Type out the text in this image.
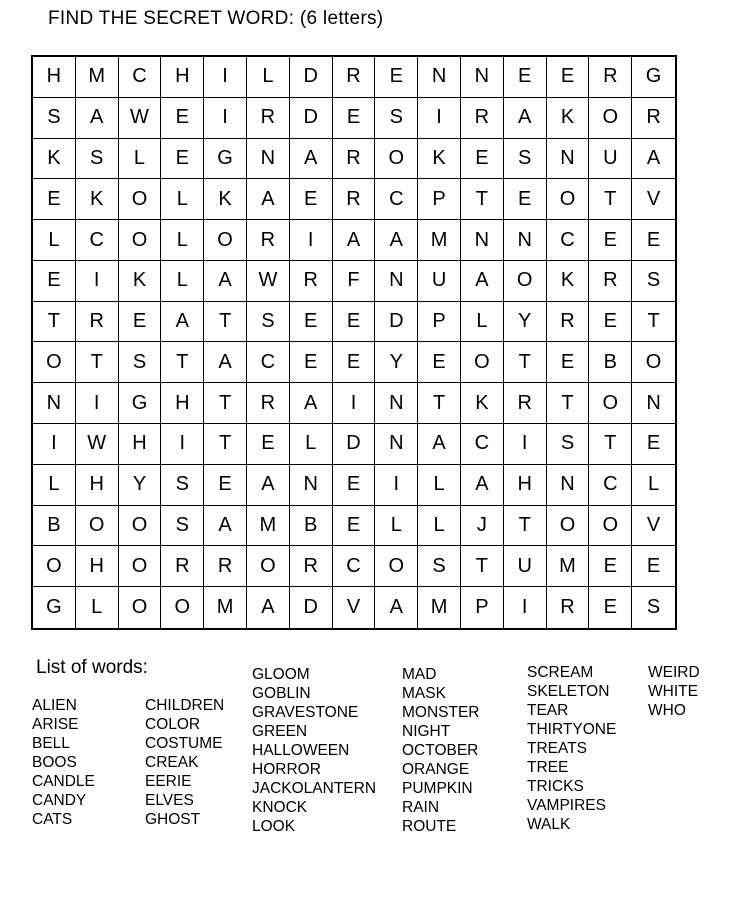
FIND THE SECRET WORD: (6 letters)
H	M	C	H	I	L	D	R	E	N	N	E	E	R	G
S	A	W	E	I	R	D	E	S	I	R	A	K	O	R
K	S	L	E	G	N	A	R	O	K	E	S	N	U	A
E	K	O	L	K	A	E	R	C	P	T	E	O	T	V
L	C	O	L	O	R	I	A	A	M	N	N	C	E	E
E	I	K	L	A	W	R	F	N	U	A	O	K	R	S
T	R	E	A	T	S	E	E	D	P	L	Y	R	E	T
O	T	S	T	A	C	E	E	Y	E	O	T	E	B	O
N	I	G	H	T	R	A	I	N	T	K	R	T	O	N
I	W	H	I	T	E	L	D	N	A	C	I	S	T	E
L	H	Y	S	E	A	N	E	I	L	A	H	N	C	L
B	O	O	S	A	M	B	E	L	L	J	T	O	O	V
O	H	O	R	R	O	R	C	O	S	T	U	M	E	E
G	L	O	O	M	A	D	V	A	M	P	I	R	E	S
List of words:
ALIEN
ARISE
BELL
BOOS
CANDLE
CANDY
CATS
CHILDREN
COLOR
COSTUME
CREAK
EERIE
ELVES
GHOST
GLOOM
GOBLIN
GRAVESTONE
GREEN
HALLOWEEN
HORROR
JACKOLANTERN
KNOCK
LOOK
MAD
MASK
MONSTER
NIGHT
OCTOBER
ORANGE
PUMPKIN
RAIN
ROUTE
SCREAM
SKELETON
TEAR
THIRTYONE
TREATS
TREE
TRICKS
VAMPIRES
WALK
WEIRD
WHITE
WHO
